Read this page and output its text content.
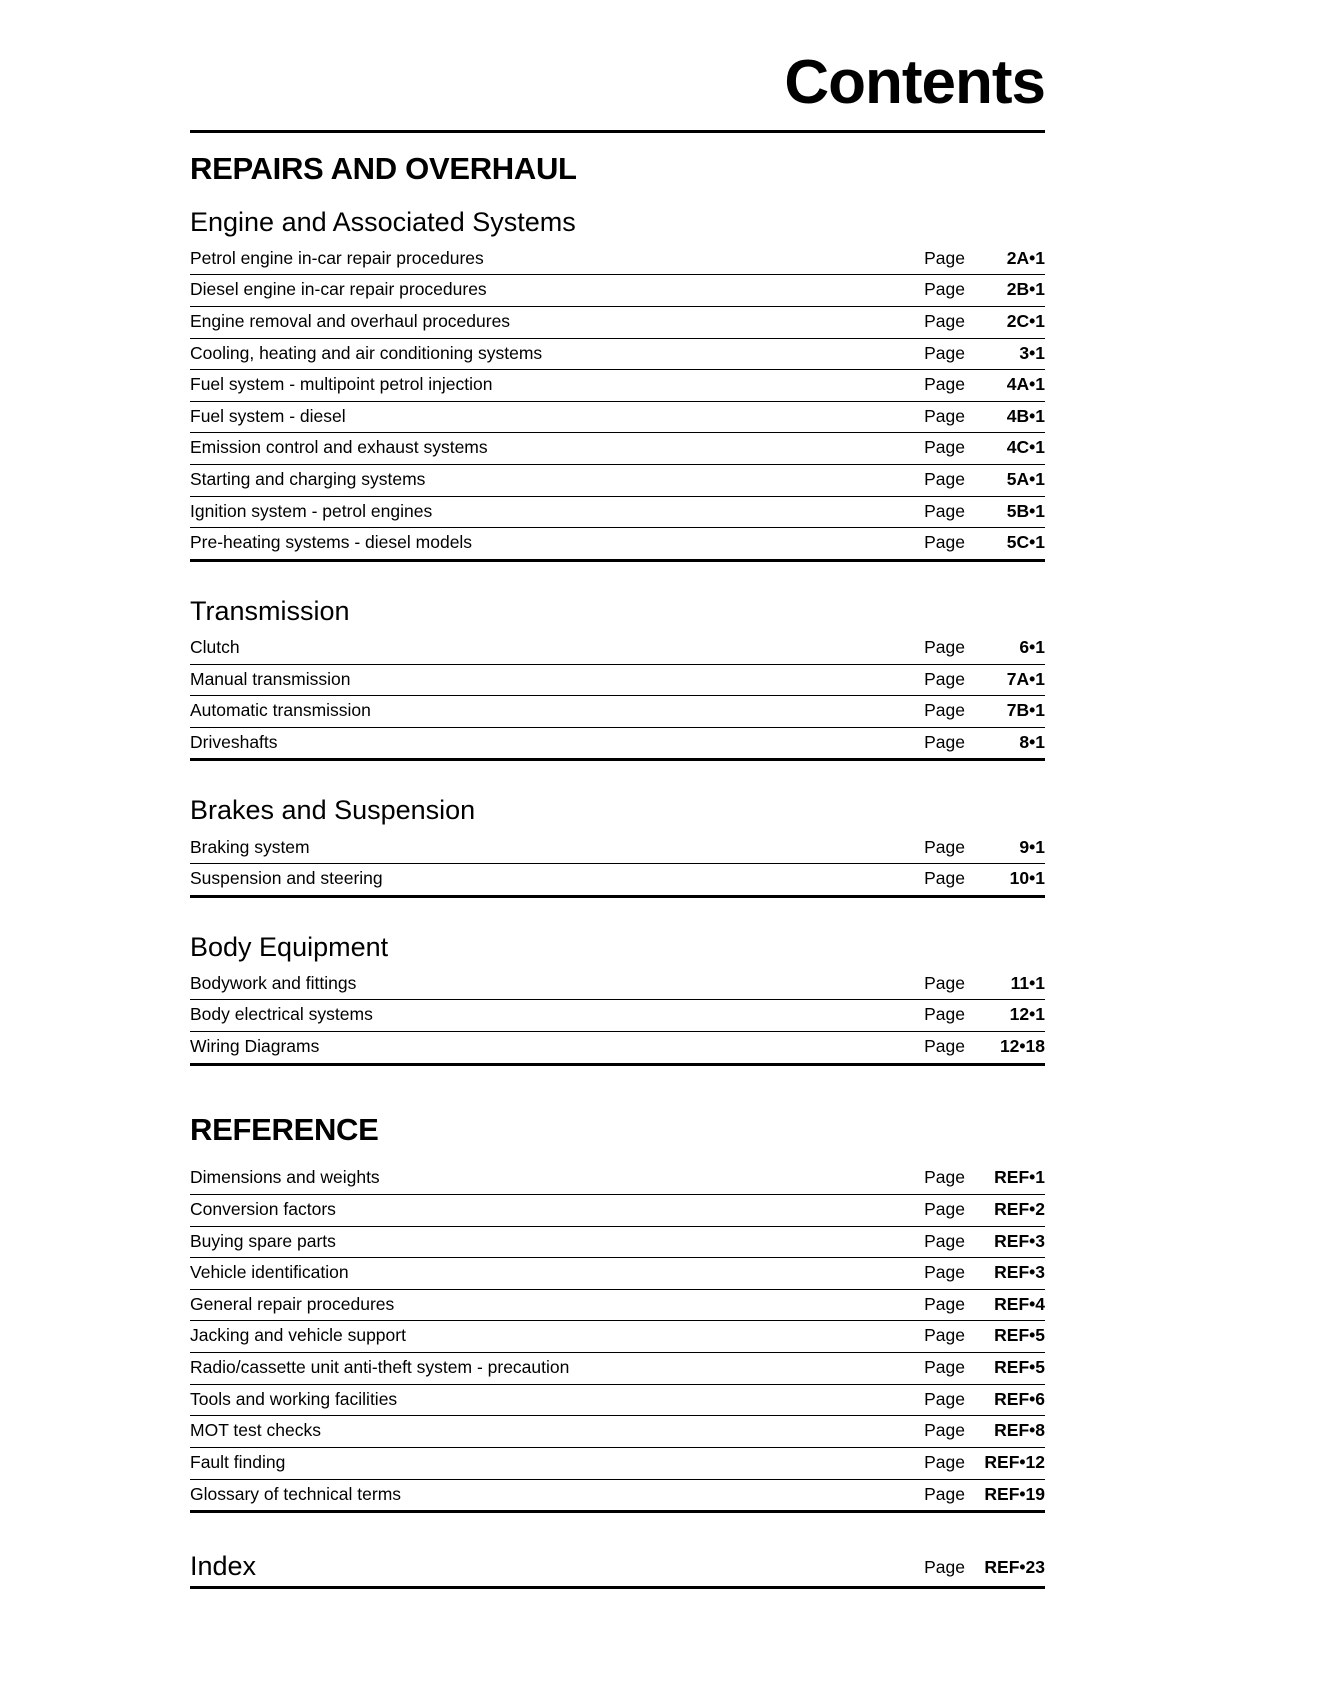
Contents
REPAIRS AND OVERHAUL
Engine and Associated Systems
Petrol engine in-car repair procedures	Page	2A•1
Diesel engine in-car repair procedures	Page	2B•1
Engine removal and overhaul procedures	Page	2C•1
Cooling, heating and air conditioning systems	Page	3•1
Fuel system - multipoint petrol injection	Page	4A•1
Fuel system - diesel	Page	4B•1
Emission control and exhaust systems	Page	4C•1
Starting and charging systems	Page	5A•1
Ignition system - petrol engines	Page	5B•1
Pre-heating systems - diesel models	Page	5C•1
Transmission
Clutch	Page	6•1
Manual transmission	Page	7A•1
Automatic transmission	Page	7B•1
Driveshafts	Page	8•1
Brakes and Suspension
Braking system	Page	9•1
Suspension and steering	Page	10•1
Body Equipment
Bodywork and fittings	Page	11•1
Body electrical systems	Page	12•1
Wiring Diagrams	Page	12•18
REFERENCE
Dimensions and weights	Page	REF•1
Conversion factors	Page	REF•2
Buying spare parts	Page	REF•3
Vehicle identification	Page	REF•3
General repair procedures	Page	REF•4
Jacking and vehicle support	Page	REF•5
Radio/cassette unit anti-theft system - precaution	Page	REF•5
Tools and working facilities	Page	REF•6
MOT test checks	Page	REF•8
Fault finding	Page	REF•12
Glossary of technical terms	Page	REF•19
Index	Page	REF•23
